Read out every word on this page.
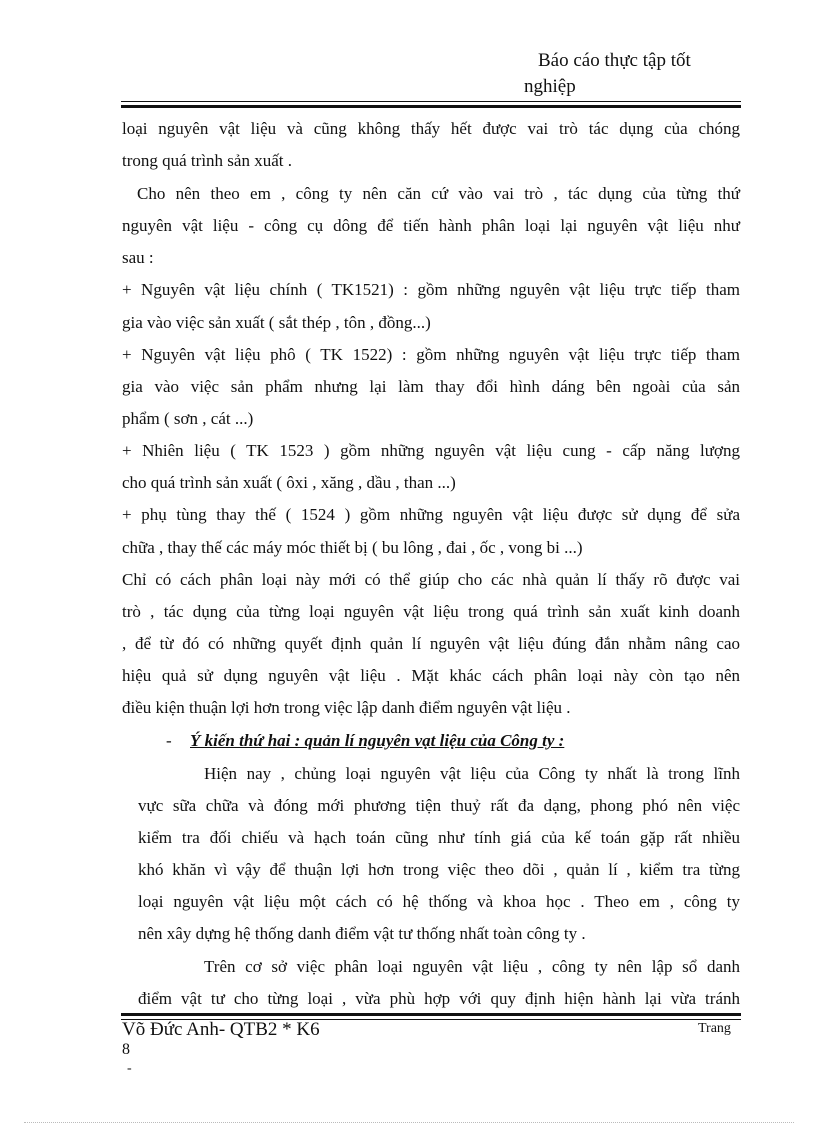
Báo cáo thực tập tốt
nghiệp
loại nguyên vật liệu và cũng không thấy hết được vai trò tác dụng của chóng
trong quá trình sản xuất .
Cho nên theo em , công ty nên căn cứ vào vai trò , tác dụng của từng thứ
nguyên vật liệu - công cụ dông để tiến hành phân loại lại nguyên vật liệu như
sau :
+ Nguyên vật liệu chính ( TK1521) : gồm những nguyên vật liệu trực tiếp tham
gia vào việc sản xuất ( sắt thép , tôn , đồng...)
+ Nguyên vật liệu phô ( TK 1522) : gồm những nguyên vật liệu trực tiếp tham
gia vào việc sản phẩm nhưng lại làm thay đổi hình dáng bên ngoài của sản
phẩm ( sơn , cát ...)
+ Nhiên liệu ( TK 1523 ) gồm những nguyên vật liệu cung - cấp năng lượng
cho quá trình sản xuất ( ôxi , xăng , dầu , than ...)
+ phụ tùng thay thế ( 1524 ) gồm những nguyên vật liệu được sử dụng để sửa
chữa , thay thế các máy móc thiết bị ( bu lông , đai , ốc , vong bi ...)
Chỉ có cách phân loại này mới có thể giúp cho các nhà quản lí thấy rõ được vai
trò , tác dụng của từng loại nguyên vật liệu trong quá trình sản xuất kinh doanh
, để từ đó có những quyết định quản lí nguyên vật liệu đúng đắn nhằm nâng cao
hiệu quả sử dụng nguyên vật liệu . Mặt khác cách phân loại này còn tạo nên
điều kiện thuận lợi hơn trong việc lập danh điểm nguyên vật liệu .
- Ý kiến thứ hai : quản lí nguyên vạt liệu của Công ty :
Hiện nay , chủng loại nguyên vật liệu của Công ty nhất là trong lĩnh
vực sữa chữa và đóng mới phương tiện thuỷ rất đa dạng, phong phó nên việc
kiểm tra đối chiếu và hạch toán cũng như tính giá của kế toán gặp rất nhiều
khó khăn vì vậy để thuận lợi hơn trong việc theo dõi , quản lí , kiểm tra từng
loại nguyên vật liệu một cách có hệ thống và khoa học . Theo em , công ty
nên xây dựng hệ thống danh điểm vật tư thống nhất toàn công ty .
Trên cơ sở việc phân loại nguyên vật liệu , công ty nên lập sổ danh
điểm vật tư cho từng loại , vừa phù hợp với quy định hiện hành lại vừa tránh
Võ Đức Anh- QTB2 * K6	Trang
8
-
